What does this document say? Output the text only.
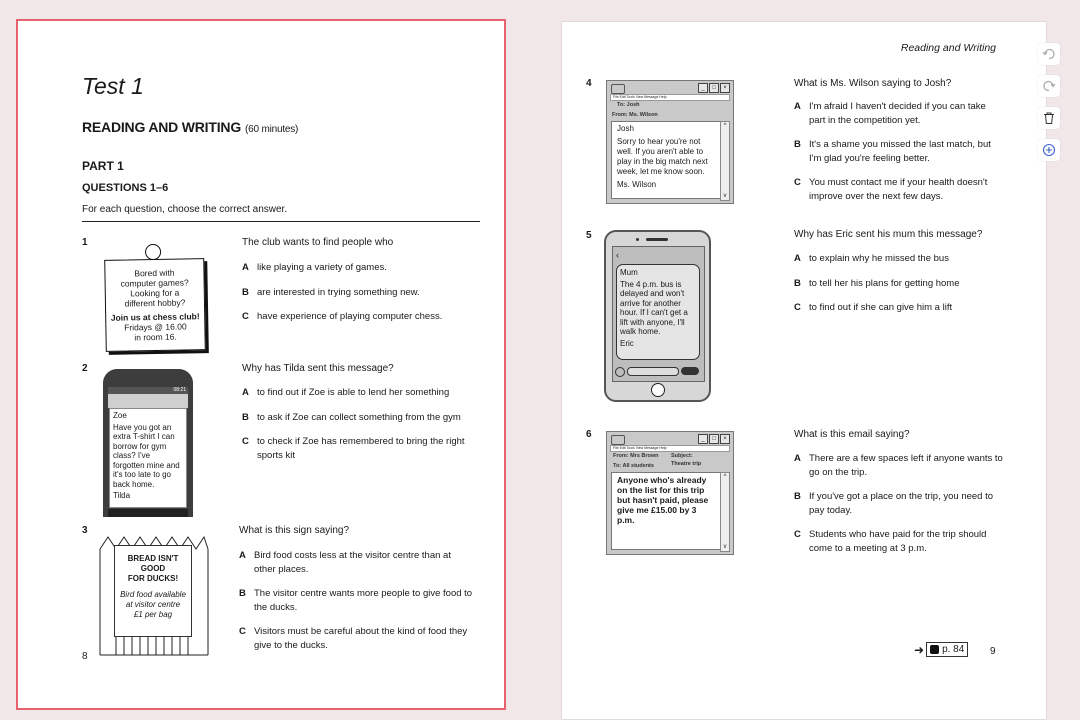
Test 1
READING AND WRITING (60 minutes)
PART 1
QUESTIONS 1–6
For each question, choose the correct answer.
1
Bored with
computer games?
Looking for a
different hobby?
Join us at chess club!
Fridays @ 16.00
in room 16.
The club wants to find people who
A like playing a variety of games.
B are interested in trying something new.
C have experience of playing computer chess.
2
08:21
Zoe
Have you got an extra T-shirt I can borrow for gym class? I've forgotten mine and it's too late to go back home.
Tilda
Why has Tilda sent this message?
A to find out if Zoe is able to lend her something
B to ask if Zoe can collect something from the gym
C to check if Zoe has remembered to bring the right sports kit
3
BREAD ISN'T
GOOD
FOR DUCKS!
Bird food available
at visitor centre
£1 per bag
What is this sign saying?
A Bird food costs less at the visitor centre than at other places.
B The visitor centre wants more people to give food to the ducks.
C Visitors must be careful about the kind of food they give to the ducks.
8
Reading and Writing
4	_	□	×
File Edit Tools View Message Help
To: Josh
From: Ms. Wilson
Josh
Sorry to hear you're not well. If you aren't able to play in the big match next week, let me know soon.
Ms. Wilson
^
v
What is Ms. Wilson saying to Josh?
A I'm afraid I haven't decided if you can take part in the competition yet.
B It's a shame you missed the last match, but I'm glad you're feeling better.
C You must contact me if your health doesn't improve over the next few days.
5
‹
Mum
The 4 p.m. bus is delayed and won't arrive for another hour. If I can't get a lift with anyone, I'll walk home.
Eric
Why has Eric sent his mum this message?
A to explain why he missed the bus
B to tell her his plans for getting home
C to find out if she can give him a lift
6	_	□	×
File Edit Tools View Message Help
From: Mrs Brown
To: All students
Subject:
Theatre trip
Anyone who's already on the list for this trip but hasn't paid, please give me £15.00 by 3 p.m.
^
v
What is this email saying?
A There are a few spaces left if anyone wants to go on the trip.
B If you've got a place on the trip, you need to pay today.
C Students who have paid for the trip should come to a meeting at 3 p.m.
➜ p. 84	9
